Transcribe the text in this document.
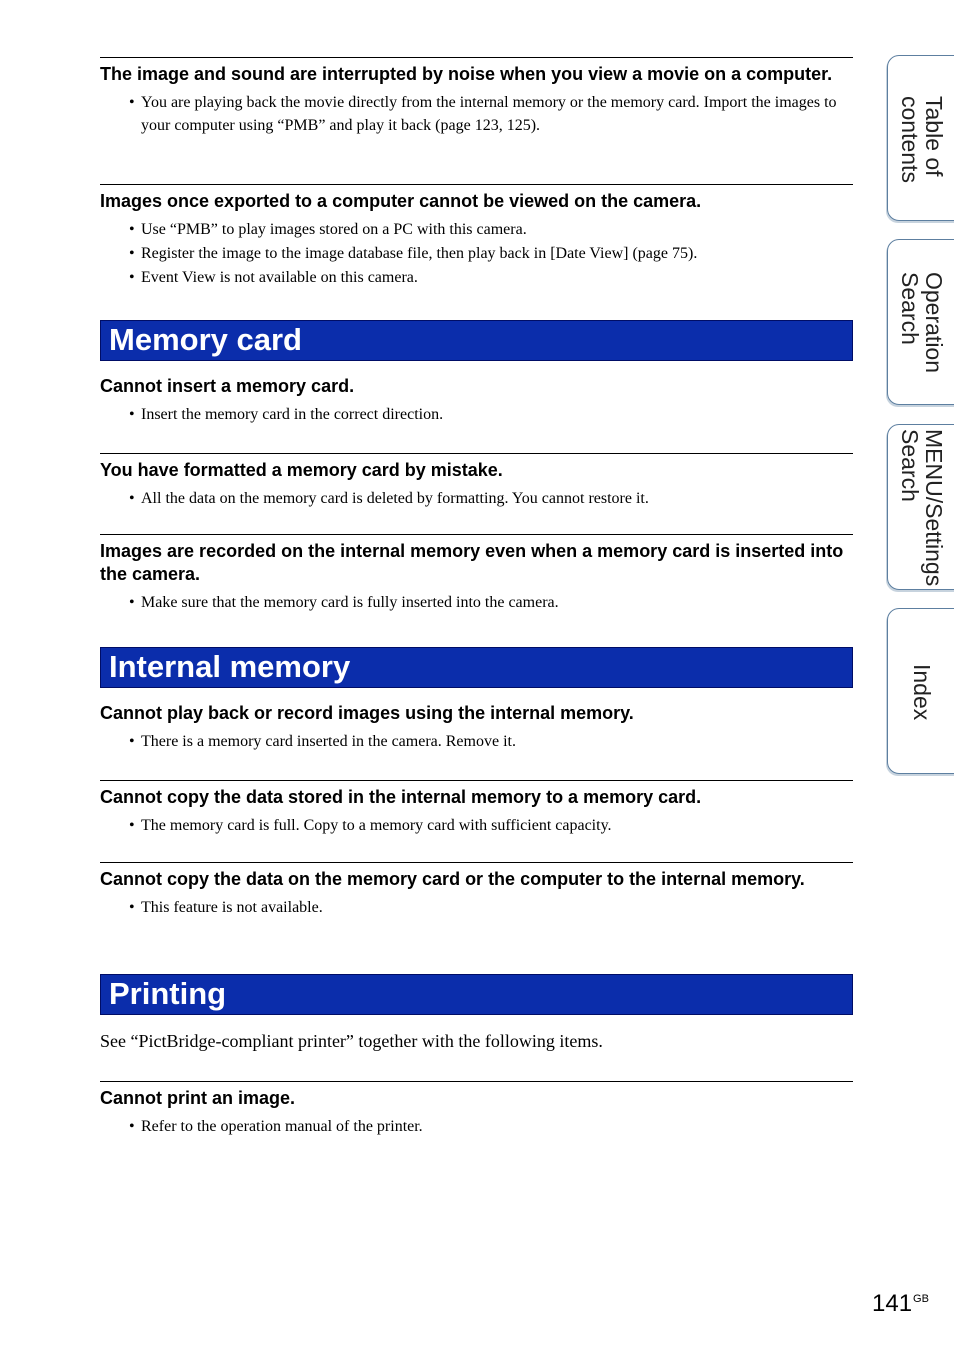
The image and sound are interrupted by noise when you view a movie on a computer.
• You are playing back the movie directly from the internal memory or the memory card. Import the images to your computer using “PMB” and play it back (page 123, 125).
Images once exported to a computer cannot be viewed on the camera.
• Use “PMB” to play images stored on a PC with this camera.
• Register the image to the image database file, then play back in [Date View] (page 75).
• Event View is not available on this camera.
Memory card
Cannot insert a memory card.
• Insert the memory card in the correct direction.
You have formatted a memory card by mistake.
• All the data on the memory card is deleted by formatting. You cannot restore it.
Images are recorded on the internal memory even when a memory card is inserted into the camera.
• Make sure that the memory card is fully inserted into the camera.
Internal memory
Cannot play back or record images using the internal memory.
• There is a memory card inserted in the camera. Remove it.
Cannot copy the data stored in the internal memory to a memory card.
• The memory card is full. Copy to a memory card with sufficient capacity.
Cannot copy the data on the memory card or the computer to the internal memory.
• This feature is not available.
Printing

See “PictBridge-compliant printer” together with the following items.

Cannot print an image.
• Refer to the operation manual of the printer.
Table of
contents
Operation
Search
MENU/Settings
Search
Index
$141^{GB}$
